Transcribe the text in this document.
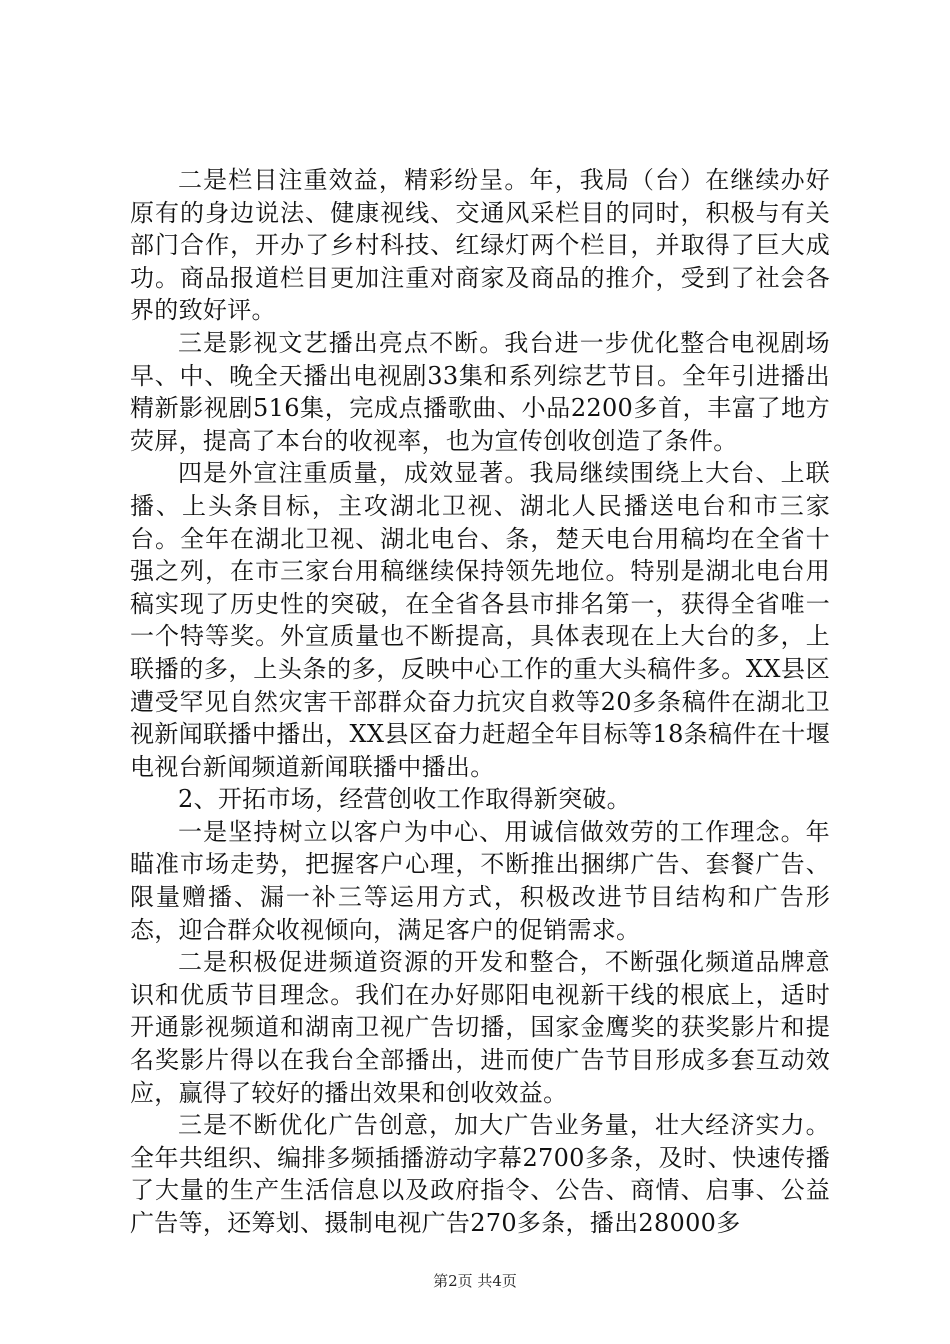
二是栏目注重效益，精彩纷呈。年，我局（台）在继续办好原有的身边说法、健康视线、交通风采栏目的同时，积极与有关部门合作，开办了乡村科技、红绿灯两个栏目，并取得了巨大成功。商品报道栏目更加注重对商家及商品的推介，受到了社会各界的致好评。

三是影视文艺播出亮点不断。我台进一步优化整合电视剧场早、中、晚全天播出电视剧33集和系列综艺节目。全年引进播出精新影视剧516集，完成点播歌曲、小品2200多首，丰富了地方荧屏，提高了本台的收视率，也为宣传创收创造了条件。

四是外宣注重质量，成效显著。我局继续围绕上大台、上联播、上头条目标，主攻湖北卫视、湖北人民播送电台和市三家台。全年在湖北卫视、湖北电台、条，楚天电台用稿均在全省十强之列，在市三家台用稿继续保持领先地位。特别是湖北电台用稿实现了历史性的突破，在全省各县市排名第一，获得全省唯一一个特等奖。外宣质量也不断提高，具体表现在上大台的多，上联播的多，上头条的多，反映中心工作的重大头稿件多。XX县区遭受罕见自然灾害干部群众奋力抗灾自救等20多条稿件在湖北卫视新闻联播中播出，XX县区奋力赶超全年目标等18条稿件在十堰电视台新闻频道新闻联播中播出。

2、开拓市场，经营创收工作取得新突破。

一是坚持树立以客户为中心、用诚信做效劳的工作理念。年瞄准市场走势，把握客户心理，不断推出捆绑广告、套餐广告、限量赠播、漏一补三等运用方式，积极改进节目结构和广告形态，迎合群众收视倾向，满足客户的促销需求。

二是积极促进频道资源的开发和整合，不断强化频道品牌意识和优质节目理念。我们在办好郧阳电视新干线的根底上，适时开通影视频道和湖南卫视广告切播，国家金鹰奖的获奖影片和提名奖影片得以在我台全部播出，进而使广告节目形成多套互动效应，赢得了较好的播出效果和创收效益。

三是不断优化广告创意，加大广告业务量，壮大经济实力。全年共组织、编排多频插播游动字幕2700多条，及时、快速传播了大量的生产生活信息以及政府指令、公告、商情、启事、公益广告等，还筹划、摄制电视广告270多条，播出28000多

第2页 共4页
